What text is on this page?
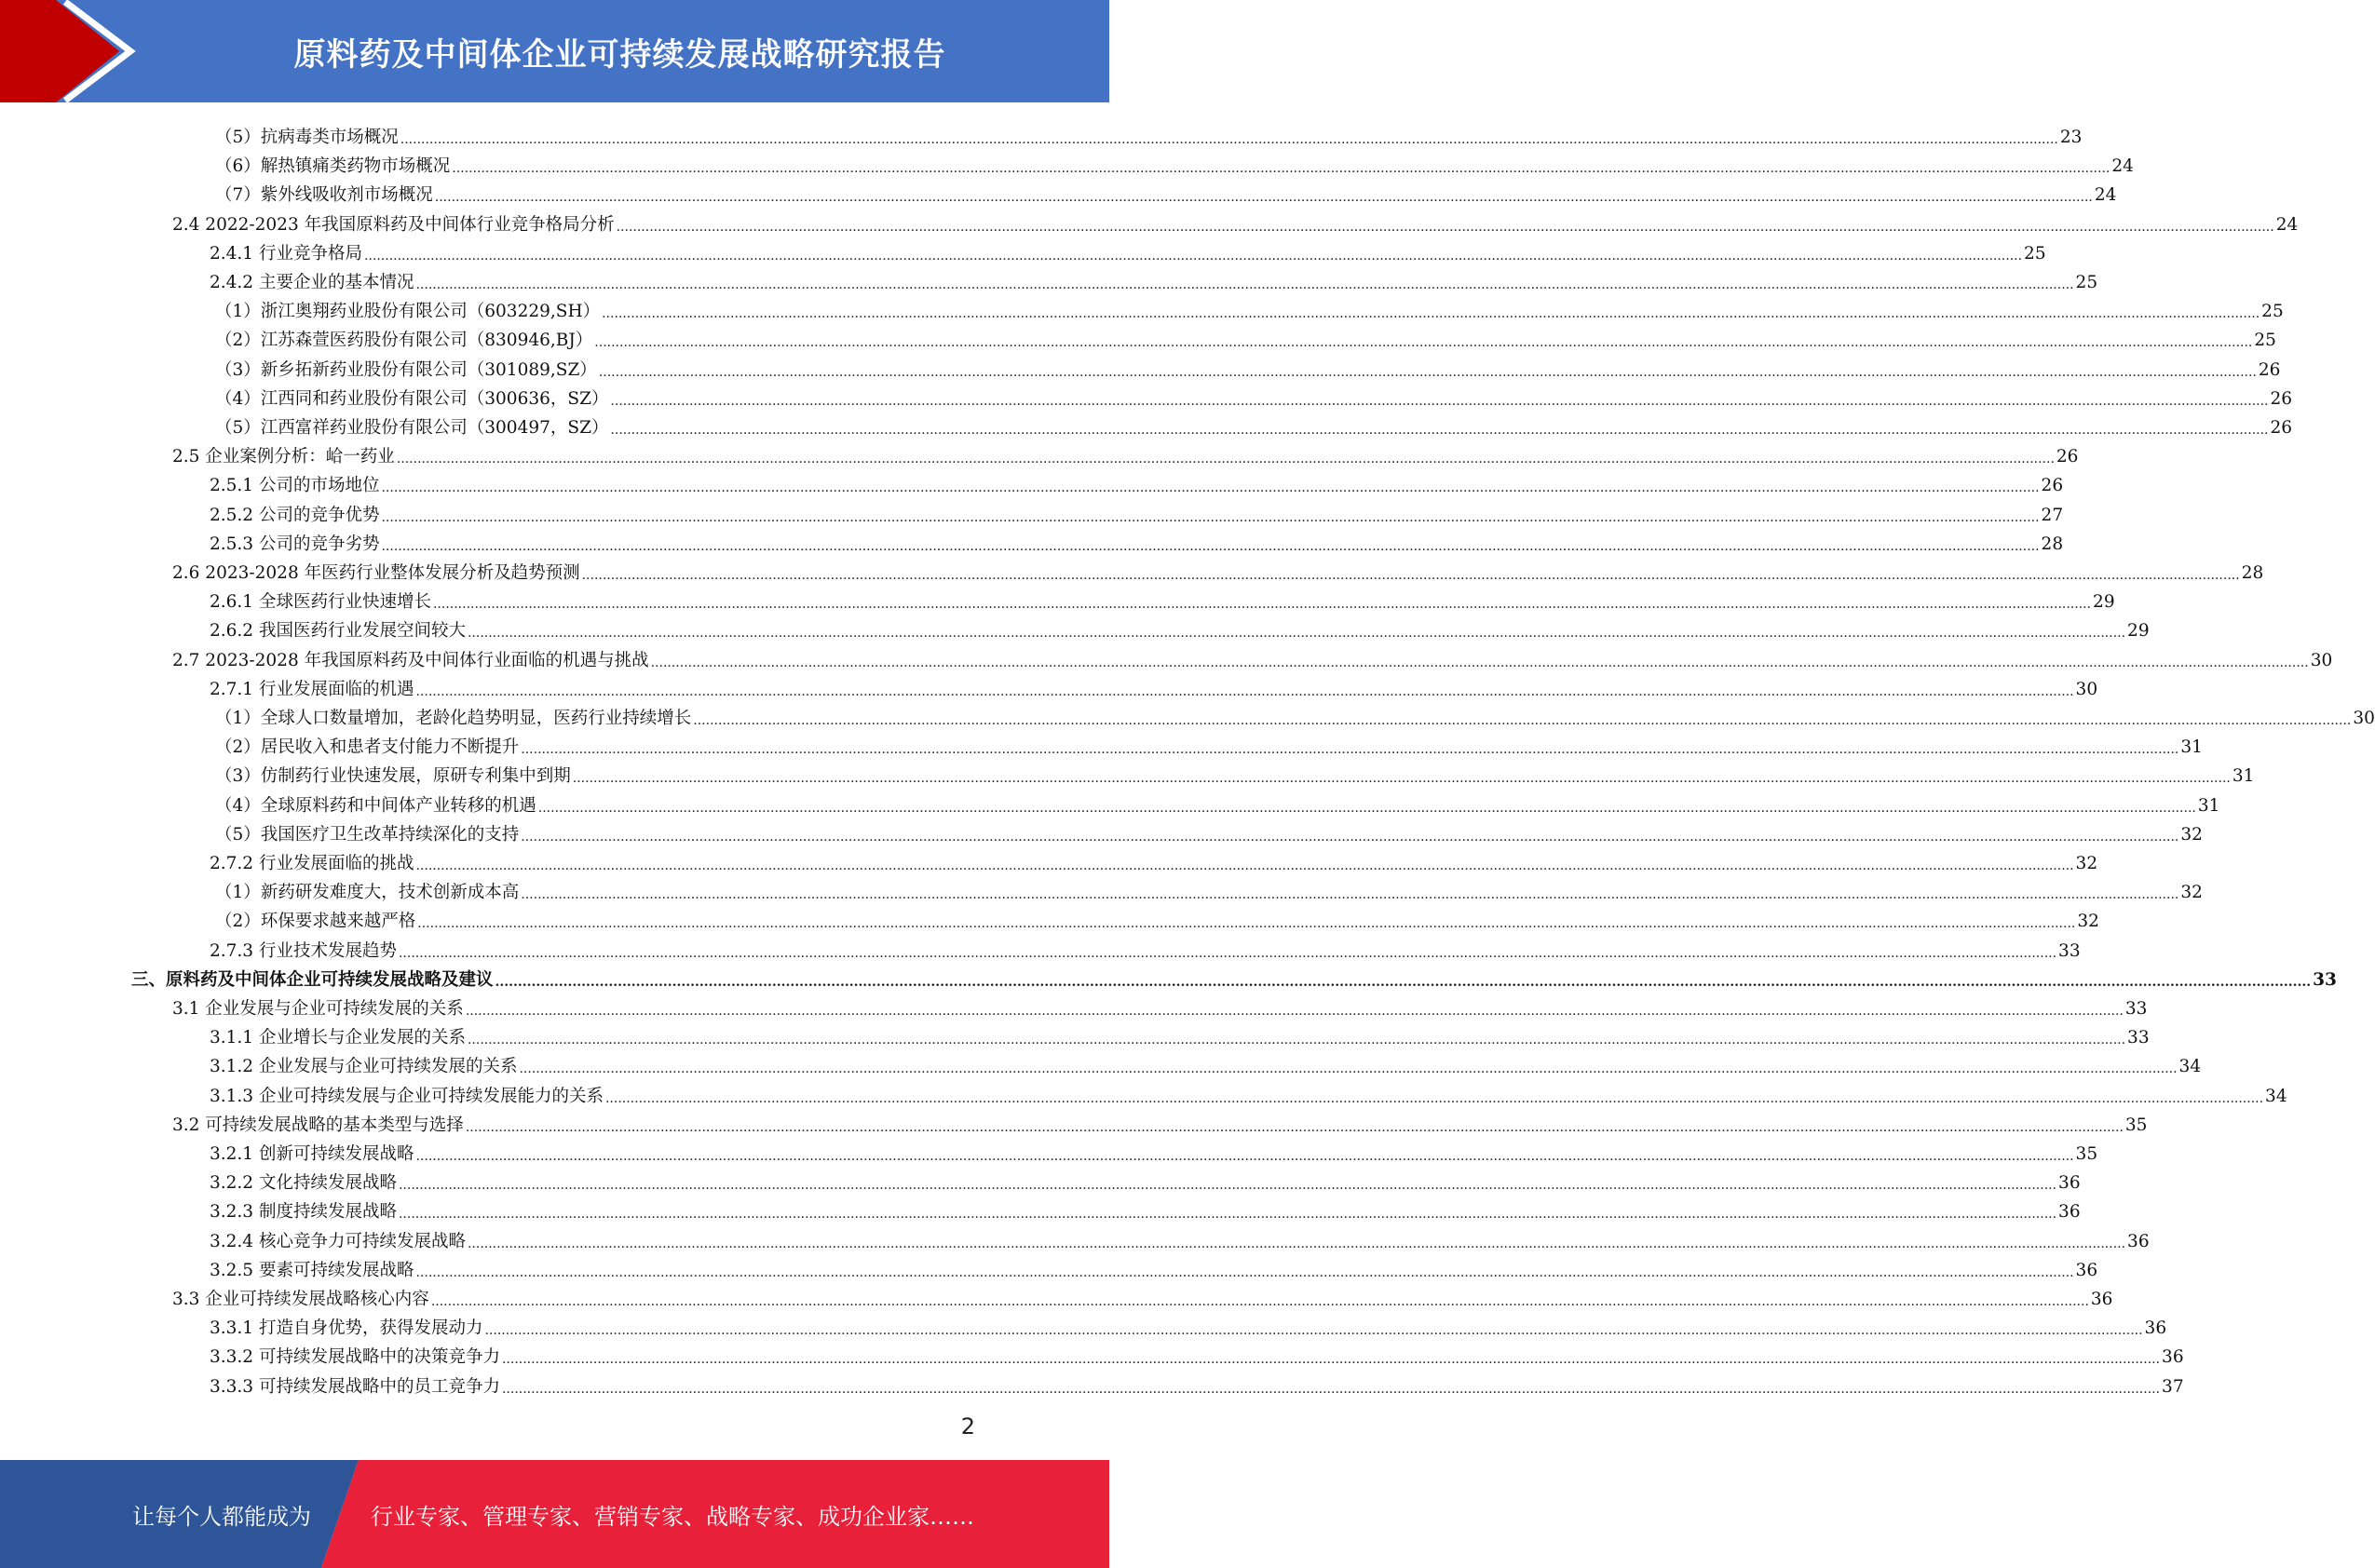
原料药及中间体企业可持续发展战略研究报告
（5）抗病毒类市场概况 ................................................................................................................................................................................................................................................................................................................................................................................................................ 23
（6）解热镇痛类药物市场概况 ................................................................................................................................................................................................................................................................................................................................................................................................................ 24
（7）紫外线吸收剂市场概况 ................................................................................................................................................................................................................................................................................................................................................................................................................ 24
2.4 2022-2023 年我国原料药及中间体行业竞争格局分析 ................................................................................................................................................................................................................................................................................................................................................................................................................ 24
2.4.1 行业竞争格局 ................................................................................................................................................................................................................................................................................................................................................................................................................ 25
2.4.2 主要企业的基本情况 ................................................................................................................................................................................................................................................................................................................................................................................................................ 25
（1）浙江奥翔药业股份有限公司（603229,SH） ................................................................................................................................................................................................................................................................................................................................................................................................................ 25
（2）江苏森萱医药股份有限公司（830946,BJ） ................................................................................................................................................................................................................................................................................................................................................................................................................ 25
（3）新乡拓新药业股份有限公司（301089,SZ） ................................................................................................................................................................................................................................................................................................................................................................................................................ 26
（4）江西同和药业股份有限公司（300636，SZ） ................................................................................................................................................................................................................................................................................................................................................................................................................ 26
（5）江西富祥药业股份有限公司（300497，SZ） ................................................................................................................................................................................................................................................................................................................................................................................................................ 26
2.5 企业案例分析：峆一药业 ................................................................................................................................................................................................................................................................................................................................................................................................................ 26
2.5.1 公司的市场地位 ................................................................................................................................................................................................................................................................................................................................................................................................................ 26
2.5.2 公司的竞争优势 ................................................................................................................................................................................................................................................................................................................................................................................................................ 27
2.5.3 公司的竞争劣势 ................................................................................................................................................................................................................................................................................................................................................................................................................ 28
2.6 2023-2028 年医药行业整体发展分析及趋势预测 ................................................................................................................................................................................................................................................................................................................................................................................................................ 28
2.6.1 全球医药行业快速增长 ................................................................................................................................................................................................................................................................................................................................................................................................................ 29
2.6.2 我国医药行业发展空间较大 ................................................................................................................................................................................................................................................................................................................................................................................................................ 29
2.7 2023-2028 年我国原料药及中间体行业面临的机遇与挑战 ................................................................................................................................................................................................................................................................................................................................................................................................................ 30
2.7.1 行业发展面临的机遇 ................................................................................................................................................................................................................................................................................................................................................................................................................ 30
（1）全球人口数量增加，老龄化趋势明显，医药行业持续增长 ................................................................................................................................................................................................................................................................................................................................................................................................................ 30
（2）居民收入和患者支付能力不断提升 ................................................................................................................................................................................................................................................................................................................................................................................................................ 31
（3）仿制药行业快速发展，原研专利集中到期 ................................................................................................................................................................................................................................................................................................................................................................................................................ 31
（4）全球原料药和中间体产业转移的机遇 ................................................................................................................................................................................................................................................................................................................................................................................................................ 31
（5）我国医疗卫生改革持续深化的支持 ................................................................................................................................................................................................................................................................................................................................................................................................................ 32
2.7.2 行业发展面临的挑战 ................................................................................................................................................................................................................................................................................................................................................................................................................ 32
（1）新药研发难度大，技术创新成本高 ................................................................................................................................................................................................................................................................................................................................................................................................................ 32
（2）环保要求越来越严格 ................................................................................................................................................................................................................................................................................................................................................................................................................ 32
2.7.3 行业技术发展趋势 ................................................................................................................................................................................................................................................................................................................................................................................................................ 33
三、原料药及中间体企业可持续发展战略及建议 ................................................................................................................................................................................................................................................................................................................................................................................................................ 33
3.1 企业发展与企业可持续发展的关系 ................................................................................................................................................................................................................................................................................................................................................................................................................ 33
3.1.1 企业增长与企业发展的关系 ................................................................................................................................................................................................................................................................................................................................................................................................................ 33
3.1.2 企业发展与企业可持续发展的关系 ................................................................................................................................................................................................................................................................................................................................................................................................................ 34
3.1.3 企业可持续发展与企业可持续发展能力的关系 ................................................................................................................................................................................................................................................................................................................................................................................................................ 34
3.2 可持续发展战略的基本类型与选择 ................................................................................................................................................................................................................................................................................................................................................................................................................ 35
3.2.1 创新可持续发展战略 ................................................................................................................................................................................................................................................................................................................................................................................................................ 35
3.2.2 文化持续发展战略 ................................................................................................................................................................................................................................................................................................................................................................................................................ 36
3.2.3 制度持续发展战略 ................................................................................................................................................................................................................................................................................................................................................................................................................ 36
3.2.4 核心竞争力可持续发展战略 ................................................................................................................................................................................................................................................................................................................................................................................................................ 36
3.2.5 要素可持续发展战略 ................................................................................................................................................................................................................................................................................................................................................................................................................ 36
3.3 企业可持续发展战略核心内容 ................................................................................................................................................................................................................................................................................................................................................................................................................ 36
3.3.1 打造自身优势，获得发展动力 ................................................................................................................................................................................................................................................................................................................................................................................................................ 36
3.3.2 可持续发展战略中的决策竞争力 ................................................................................................................................................................................................................................................................................................................................................................................................................ 36
3.3.3 可持续发展战略中的员工竞争力 ................................................................................................................................................................................................................................................................................................................................................................................................................ 37
2
让每个人都能成为	行业专家、管理专家、营销专家、战略专家、成功企业家……
